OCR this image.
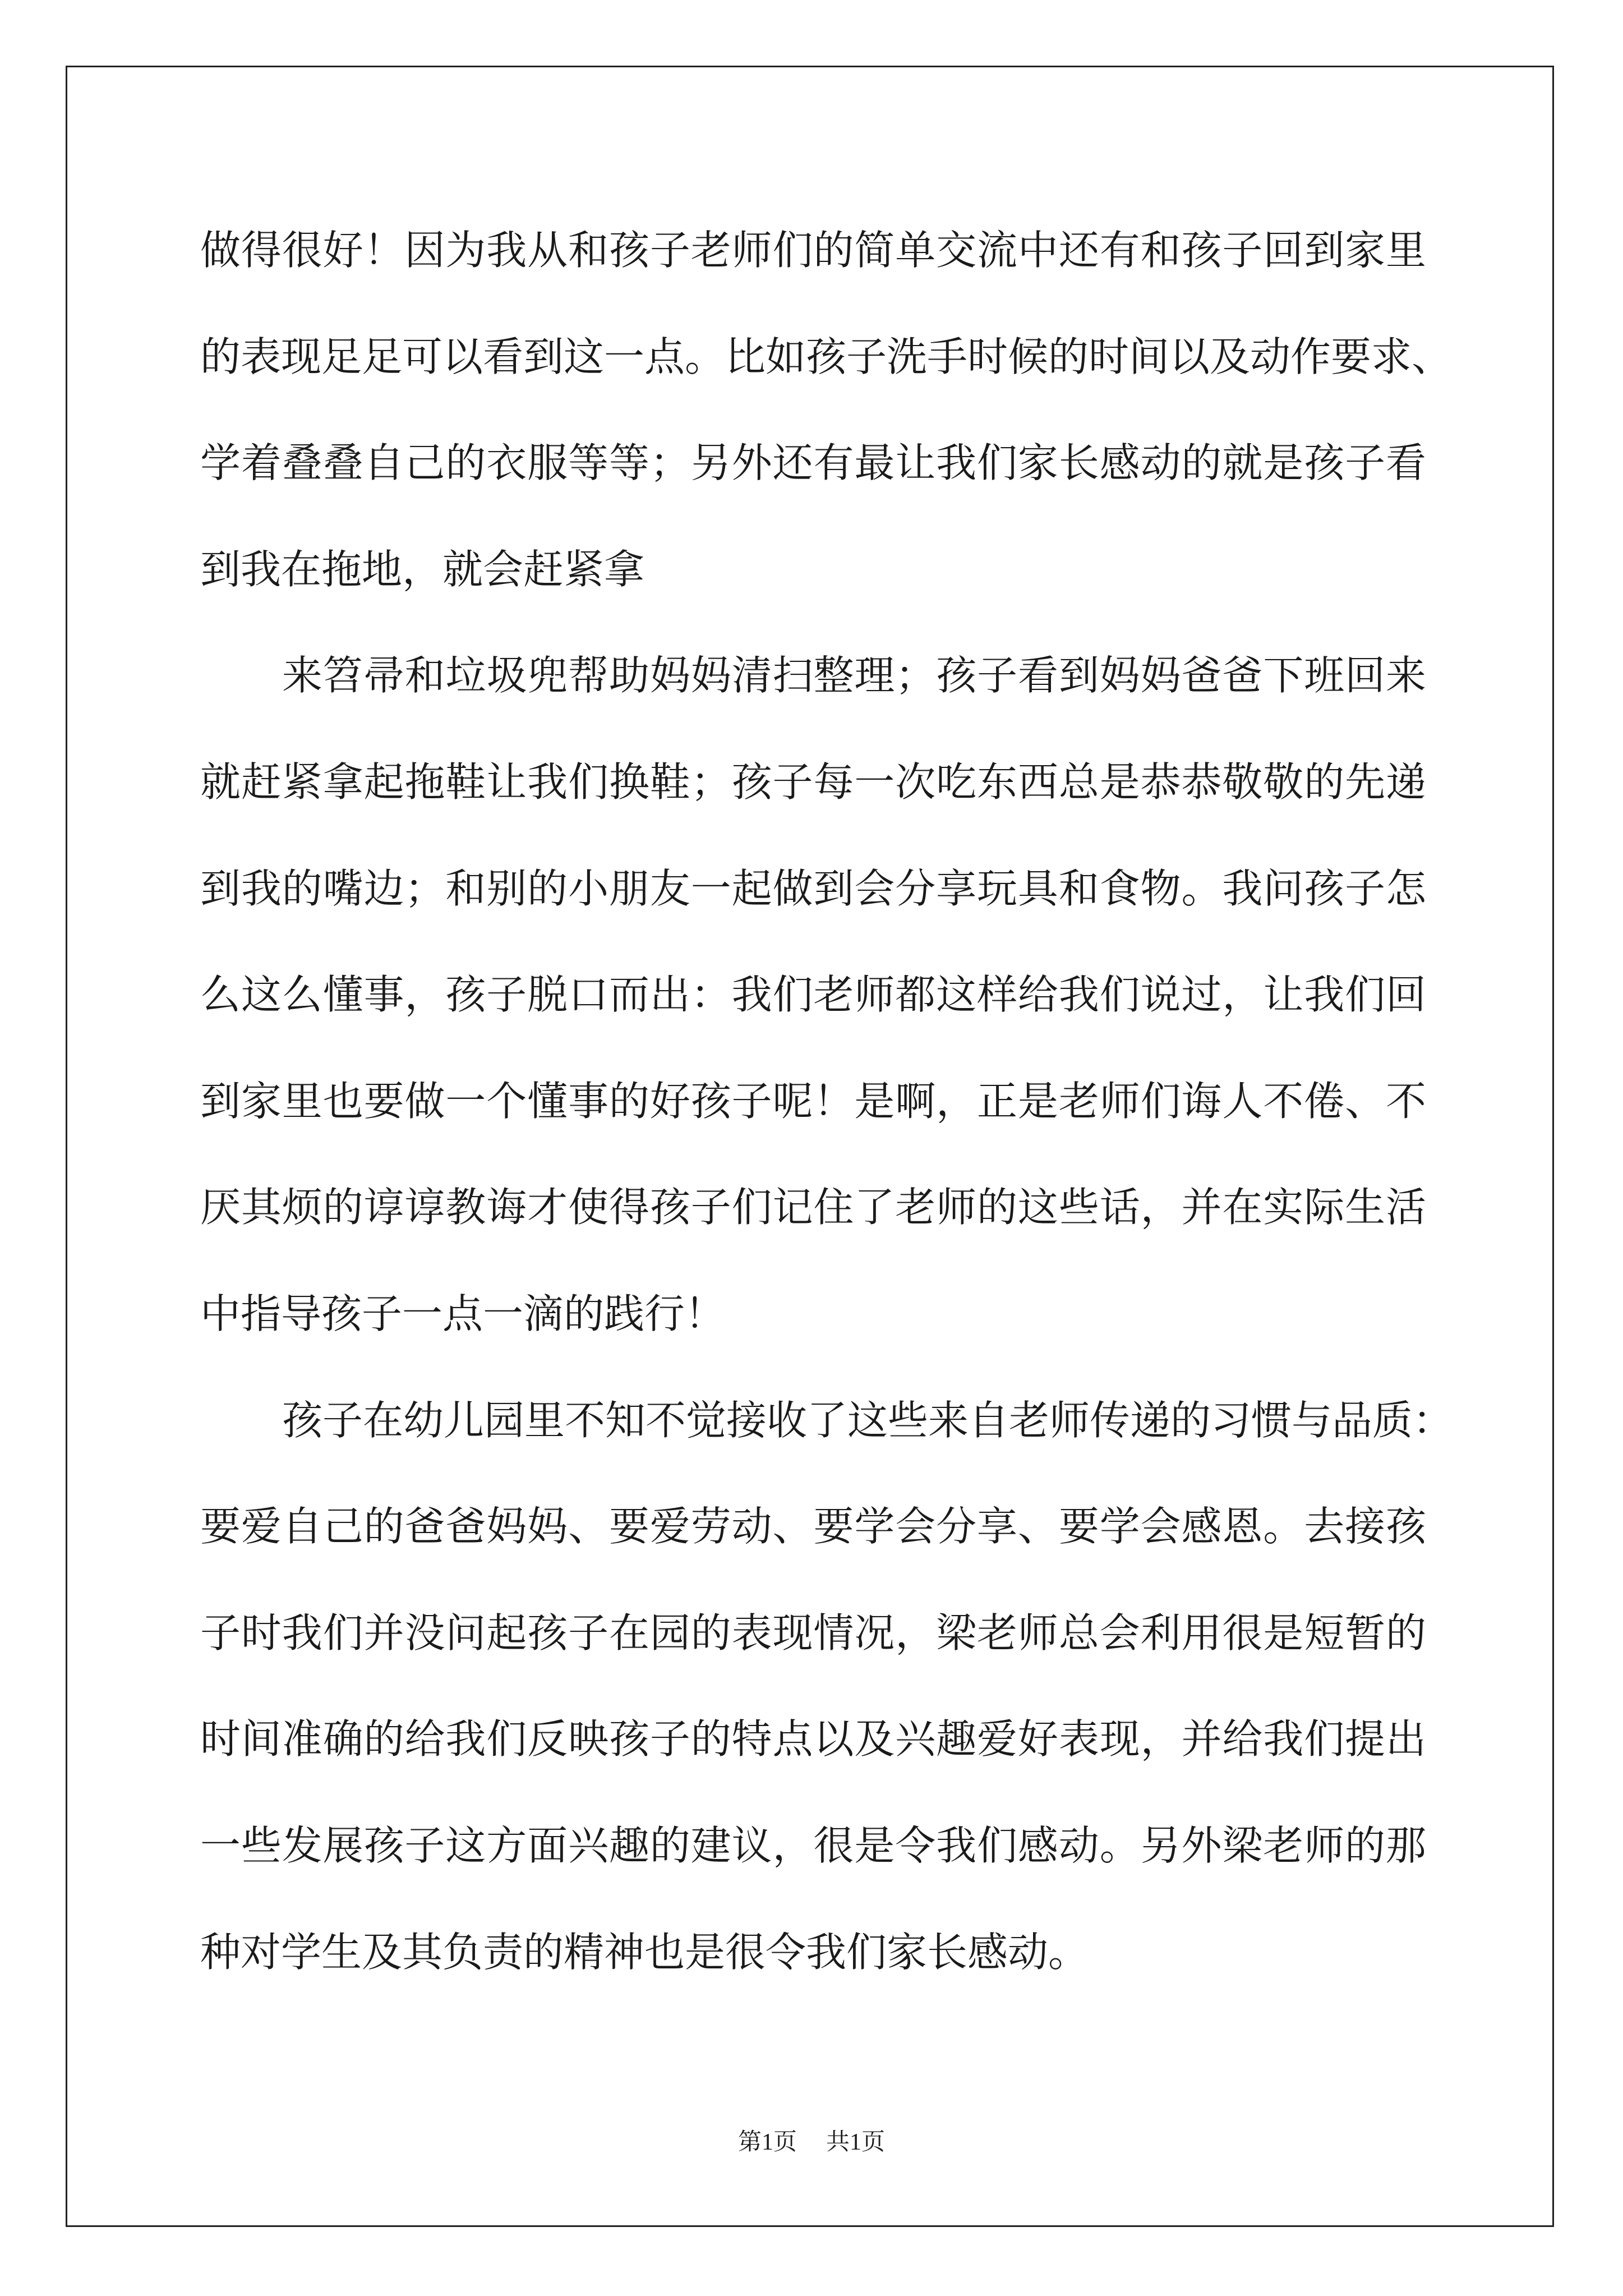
做得很好！因为我从和孩子老师们的简单交流中还有和孩子回到家里
的表现足足可以看到这一点。比如孩子洗手时候的时间以及动作要求、
学着叠叠自己的衣服等等；另外还有最让我们家长感动的就是孩子看
到我在拖地，就会赶紧拿
来笤帚和垃圾兜帮助妈妈清扫整理；孩子看到妈妈爸爸下班回来
就赶紧拿起拖鞋让我们换鞋；孩子每一次吃东西总是恭恭敬敬的先递
到我的嘴边；和别的小朋友一起做到会分享玩具和食物。我问孩子怎
么这么懂事，孩子脱口而出：我们老师都这样给我们说过，让我们回
到家里也要做一个懂事的好孩子呢！是啊，正是老师们诲人不倦、不
厌其烦的谆谆教诲才使得孩子们记住了老师的这些话，并在实际生活
中指导孩子一点一滴的践行！
孩子在幼儿园里不知不觉接收了这些来自老师传递的习惯与品质：
要爱自己的爸爸妈妈、要爱劳动、要学会分享、要学会感恩。去接孩
子时我们并没问起孩子在园的表现情况，梁老师总会利用很是短暂的
时间准确的给我们反映孩子的特点以及兴趣爱好表现，并给我们提出
一些发展孩子这方面兴趣的建议，很是令我们感动。另外梁老师的那
种对学生及其负责的精神也是很令我们家长感动。
第1页 共1页
